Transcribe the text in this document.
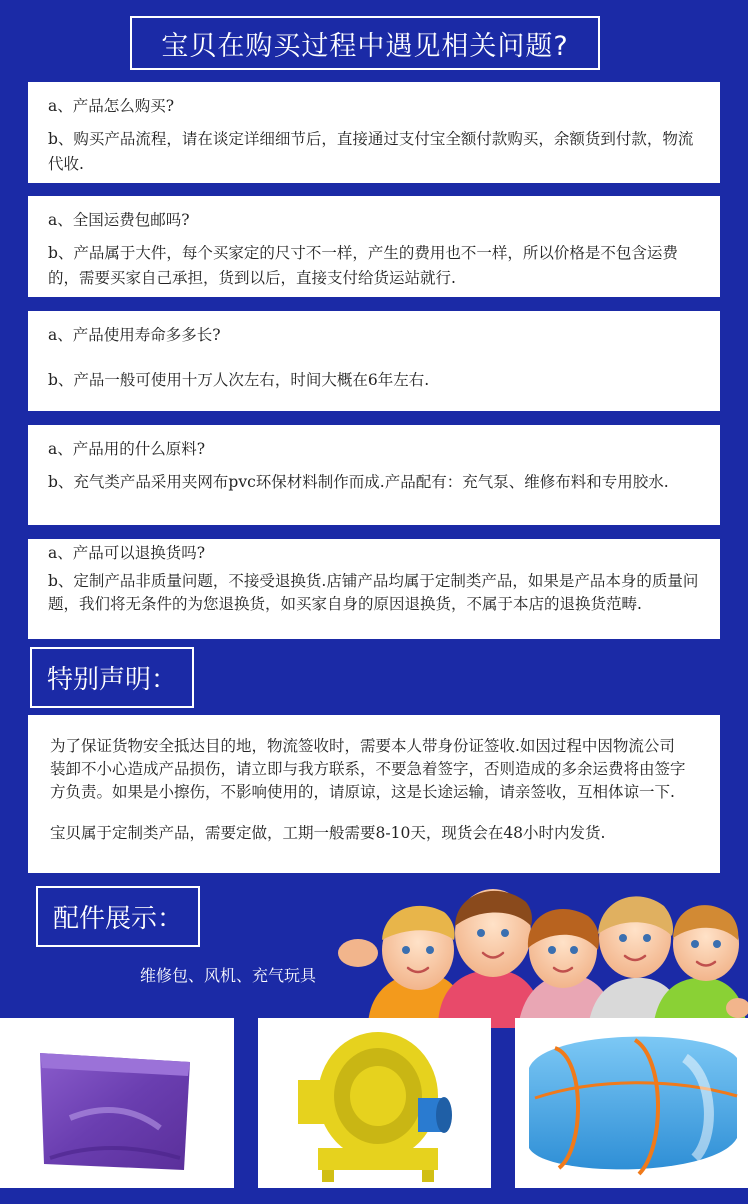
宝贝在购买过程中遇见相关问题?
a、产品怎么购买?

b、购买产品流程，请在谈定详细细节后，直接通过支付宝全额付款购买，余额货到付款，物流代收.

a、全国运费包邮吗?

b、产品属于大件，每个买家定的尺寸不一样，产生的费用也不一样，所以价格是不包含运费的，需要买家自己承担，货到以后，直接支付给货运站就行.

a、产品使用寿命多多长?

b、产品一般可使用十万人次左右，时间大概在6年左右.

a、产品用的什么原料?

b、充气类产品采用夹网布pvc环保材料制作而成.产品配有：充气泵、维修布料和专用胶水.

a、产品可以退换货吗?

b、定制产品非质量问题，不接受退换货.店铺产品均属于定制类产品，如果是产品本身的质量问题，我们将无条件的为您退换货，如买家自身的原因退换货，不属于本店的退换货范畴.

特别声明：

为了保证货物安全抵达目的地，物流签收时，需要本人带身份证签收.如因过程中因物流公司装卸不小心造成产品损伤，请立即与我方联系，不要急着签字，否则造成的多余运费将由签字方负责。如果是小擦伤，不影响使用的，请原谅，这是长途运输，请亲签收，互相体谅一下.

宝贝属于定制类产品，需要定做，工期一般需要8-10天，现货会在48小时内发货.

配件展示：
维修包、风机、充气玩具
